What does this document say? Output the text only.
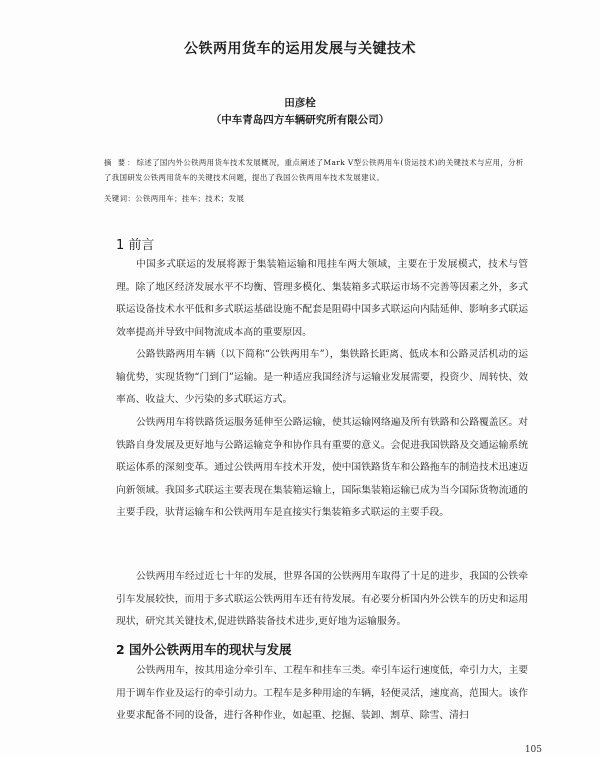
公铁两用货车的运用发展与关键技术
田彦栓
（中车青岛四方车辆研究所有限公司）
摘 要：综述了国内外公铁两用货车技术发展概况，重点阐述了Mark V型公铁两用车(货运技术)的关键技术与应用，分析了我国研发公铁两用货车的关键技术问题，提出了我国公铁两用车技术发展建议。
关键词：公铁两用车；挂车；技术；发展
1 前言

中国多式联运的发展将源于集装箱运输和甩挂车两大领域，主要在于发展模式，技术与管理。除了地区经济发展水平不均衡、管理多模化、集装箱多式联运市场不完善等因素之外，多式联运设备技术水平低和多式联运基础设施不配套是阻碍中国多式联运向内陆延伸、影响多式联运效率提高并导致中间物流成本高的重要原因。

公路铁路两用车辆（以下简称“公铁两用车”），集铁路长距离、低成本和公路灵活机动的运输优势，实现货物“门到门”运输。是一种适应我国经济与运输业发展需要，投资少、周转快、效率高、收益大、少污染的多式联运方式。

公铁两用车将铁路货运服务延伸至公路运输，使其运输网络遍及所有铁路和公路覆盖区。对铁路自身发展及更好地与公路运输竞争和协作具有重要的意义。会促进我国铁路及交通运输系统联运体系的深刻变革。通过公铁两用车技术开发，使中国铁路货车和公路拖车的制造技术迅速迈向新领域。我国多式联运主要表现在集装箱运输上，国际集装箱运输已成为当今国际货物流通的主要手段，驮背运输车和公铁两用车是直接实行集装箱多式联运的主要手段。

公铁两用车经过近七十年的发展，世界各国的公铁两用车取得了十足的进步，我国的公铁牵引车发展较快，而用于多式联运公铁两用车还有待发展。有必要分析国内外公铁车的历史和运用现状，研究其关键技术,促进铁路装备技术进步,更好地为运输服务。

2 国外公铁两用车的现状与发展

公铁两用车，按其用途分牵引车、工程车和挂车三类。牵引车运行速度低，牵引力大，主要用于调车作业及运行的牵引动力。工程车是多种用途的车辆，轻便灵活，速度高，范围大。该作业要求配备不同的设备，进行各种作业，如起重、挖掘、装卸、割草、除雪、清扫

105
